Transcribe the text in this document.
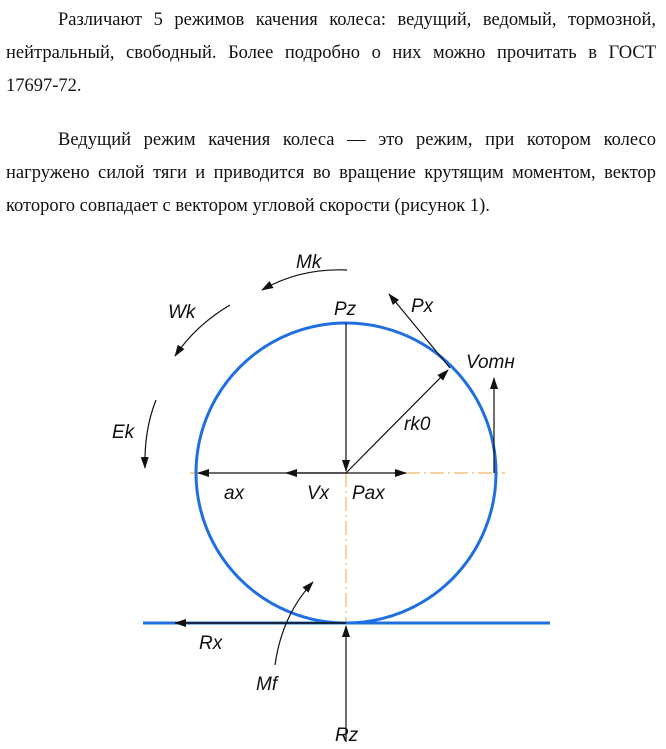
Различают 5 режимов качения колеса: ведущий, ведомый, тормозной,
нейтральный, свободный. Более подробно о них можно прочитать в ГОСТ
17697-72.
Ведущий режим качения колеса — это режим, при котором колесо
нагружено силой тяги и приводится во вращение крутящим моментом, вектор
которого совпадает с вектором угловой скорости (рисунок 1).
Mk
Wk
Ek
Pz	Px
Vomн
rk0
ax	Vx Pax
Rx
Mf
Rz
